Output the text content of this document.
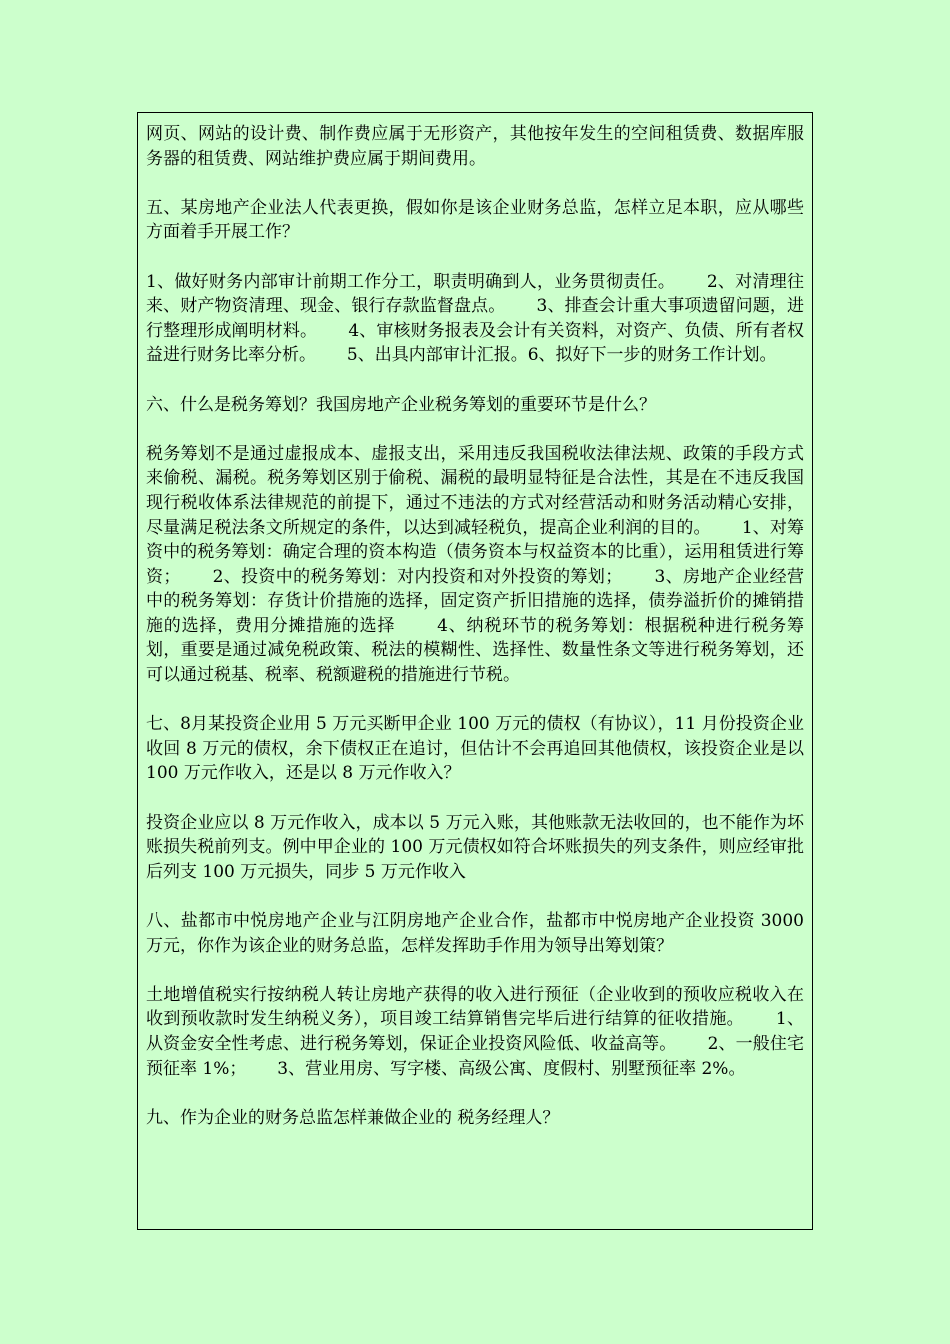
网页、网站的设计费、制作费应属于无形资产，其他按年发生的空间租赁费、数据库服务器的租赁费、网站维护费应属于期间费用。

五、某房地产企业法人代表更换，假如你是该企业财务总监，怎样立足本职，应从哪些方面着手开展工作？

1、做好财务内部审计前期工作分工，职责明确到人，业务贯彻责任。　　 2、对清理往来、财产物资清理、现金、银行存款监督盘点。　　 3、排查会计重大事项遗留问题，进行整理形成阐明材料。　　 4、审核财务报表及会计有关资料，对资产、负债、所有者权益进行财务比率分析。　　 5、出具内部审计汇报。6、拟好下一步的财务工作计划。

六、什么是税务筹划？我国房地产企业税务筹划的重要环节是什么？

税务筹划不是通过虚报成本、虚报支出，采用违反我国税收法律法规、政策的手段方式来偷税、漏税。税务筹划区别于偷税、漏税的最明显特征是合法性，其是在不违反我国现行税收体系法律规范的前提下，通过不违法的方式对经营活动和财务活动精心安排，尽量满足税法条文所规定的条件，以达到减轻税负，提高企业利润的目的。　　 1、对筹资中的税务筹划：确定合理的资本构造（债务资本与权益资本的比重），运用租赁进行筹资；　　 2、投资中的税务筹划：对内投资和对外投资的筹划；　　 3、房地产企业经营中的税务筹划：存货计价措施的选择，固定资产折旧措施的选择，债券溢折价的摊销措施的选择，费用分摊措施的选择　　 4、纳税环节的税务筹划：根据税种进行税务筹划，重要是通过减免税政策、税法的模糊性、选择性、数量性条文等进行税务筹划，还可以通过税基、税率、税额避税的措施进行节税。

七、8月某投资企业用 5 万元买断甲企业 100 万元的债权（有协议），11 月份投资企业收回 8 万元的债权，余下债权正在追讨，但估计不会再追回其他债权，该投资企业是以 100 万元作收入，还是以 8 万元作收入？

投资企业应以 8 万元作收入，成本以 5 万元入账，其他账款无法收回的，也不能作为坏账损失税前列支。例中甲企业的 100 万元债权如符合坏账损失的列支条件，则应经审批后列支 100 万元损失，同步 5 万元作收入

八、盐都市中悦房地产企业与江阴房地产企业合作，盐都市中悦房地产企业投资 3000 万元，你作为该企业的财务总监，怎样发挥助手作用为领导出筹划策？

土地增值税实行按纳税人转让房地产获得的收入进行预征（企业收到的预收应税收入在收到预收款时发生纳税义务），项目竣工结算销售完毕后进行结算的征收措施。　　 1、从资金安全性考虑、进行税务筹划，保证企业投资风险低、收益高等。　　 2、一般住宅预征率 1%；　　 3、营业用房、写字楼、高级公寓、度假村、别墅预征率 2%。

九、作为企业的财务总监怎样兼做企业的 税务经理人？
